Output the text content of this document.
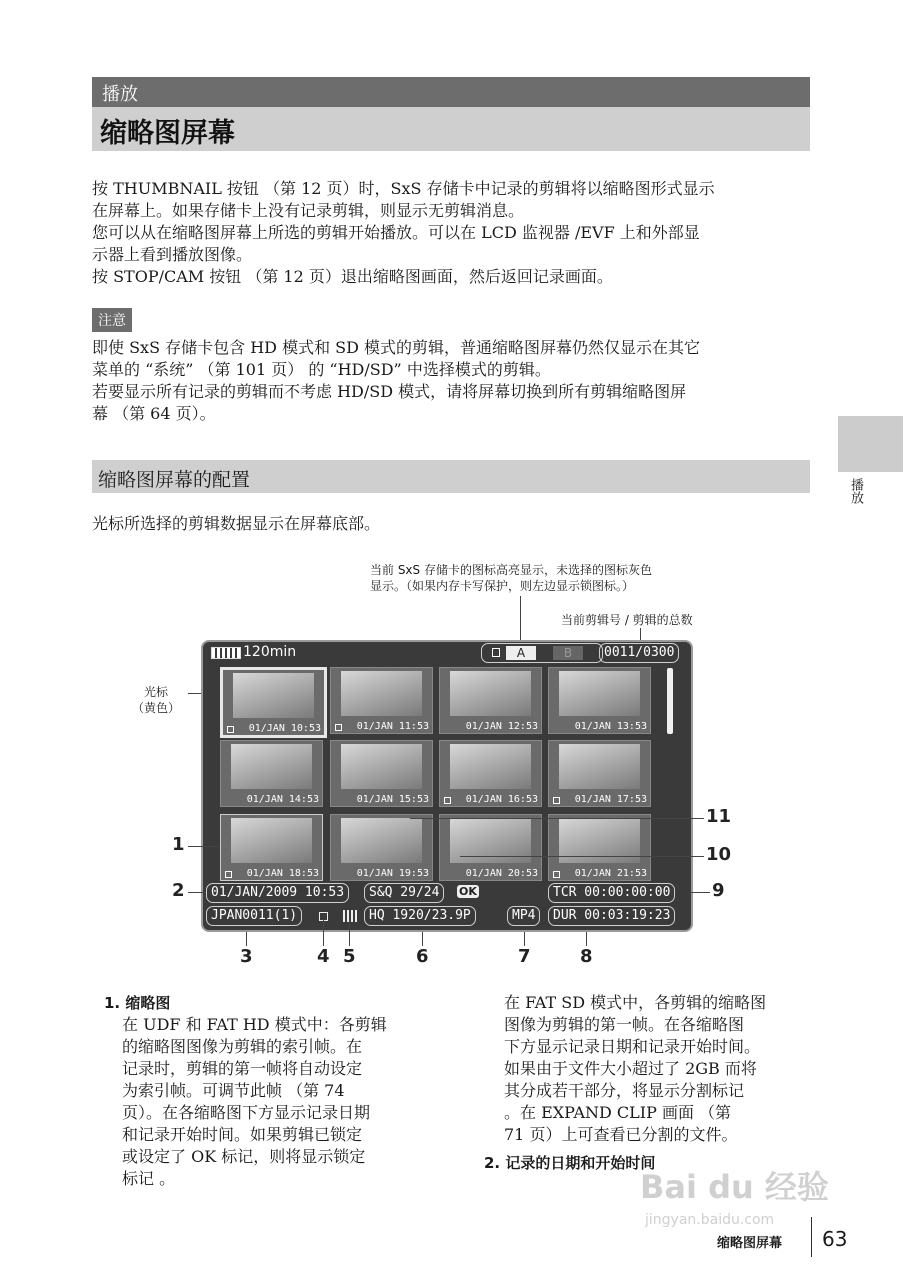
播放
缩略图屏幕

按 THUMBNAIL 按钮 （第 12 页）时，SxS 存储卡中记录的剪辑将以缩略图形式显示

在屏幕上。如果存储卡上没有记录剪辑，则显示无剪辑消息。

您可以从在缩略图屏幕上所选的剪辑开始播放。可以在 LCD 监视器 /EVF 上和外部显

示器上看到播放图像。

按 STOP/CAM 按钮 （第 12 页）退出缩略图画面，然后返回记录画面。

注意

即使 SxS 存储卡包含 HD 模式和 SD 模式的剪辑，普通缩略图屏幕仍然仅显示在其它

菜单的 “系统” （第 101 页） 的 “HD/SD” 中选择模式的剪辑。

若要显示所有记录的剪辑而不考虑 HD/SD 模式，请将屏幕切换到所有剪辑缩略图屏

幕 （第 64 页）。

播放
缩略图屏幕的配置
光标所选择的剪辑数据显示在屏幕底部。
当前 SxS 存储卡的图标高亮显示，未选择的图标灰色
显示。（如果内存卡写保护，则左边显示锁图标。）
当前剪辑号 / 剪辑的总数
光标
（黄色）
120min	A	B	0011/0300
01/JAN 10:53	01/JAN 11:53	01/JAN 12:53	01/JAN 13:53
01/JAN 14:53	01/JAN 15:53	01/JAN 16:53	01/JAN 17:53
01/JAN 18:53	01/JAN 19:53	01/JAN 20:53	01/JAN 21:53
01/JAN/2009 10:53	S&Q 29/24	OK	TCR 00:00:00:00
JPAN0011(1)	HQ 1920/23.9P	MP4	DUR 00:03:19:23
1
2	9
11
10
3	4 5	6	7	8

1. 缩略图

在 UDF 和 FAT HD 模式中：各剪辑

的缩略图图像为剪辑的索引帧。在

记录时，剪辑的第一帧将自动设定

为索引帧。可调节此帧 （第 74

页）。在各缩略图下方显示记录日期

和记录开始时间。如果剪辑已锁定

或设定了 OK 标记，则将显示锁定

标记 。

在 FAT SD 模式中，各剪辑的缩略图

图像为剪辑的第一帧。在各缩略图

下方显示记录日期和记录开始时间。

如果由于文件大小超过了 2GB 而将

其分成若干部分，将显示分割标记

。在 EXPAND CLIP 画面 （第

71 页）上可查看已分割的文件。

2. 记录的日期和开始时间

Bai du 经验
jingyan.baidu.com
缩略图屏幕 63
